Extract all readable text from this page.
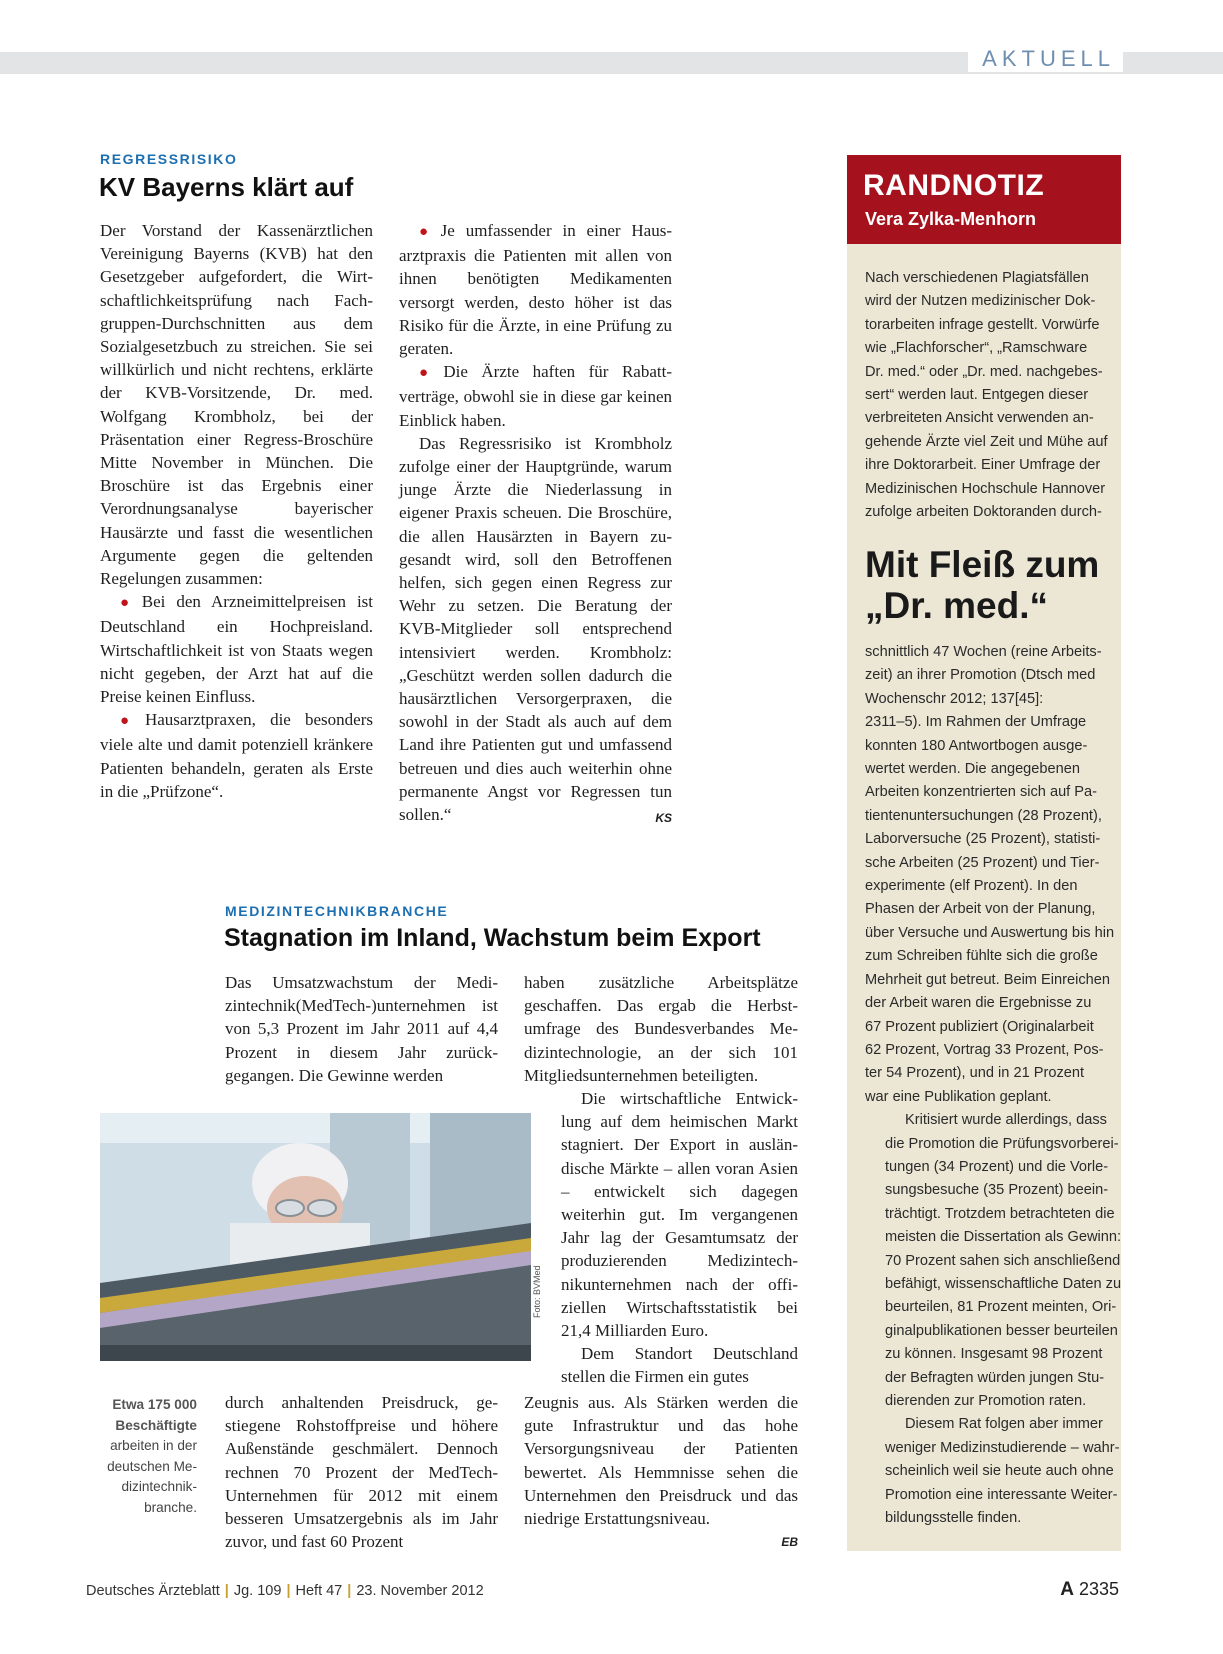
AKTUELL
REGRESSRISIKO
KV Bayerns klärt auf

Der Vorstand der Kassenärztlichen Vereinigung Bayerns (KVB) hat den Gesetzgeber aufgefordert, die Wirtschaftlichkeitsprüfung nach Fachgruppen-Durchschnitten aus dem Sozialgesetzbuch zu streichen. Sie sei willkürlich und nicht rechtens, erklärte der KVB-Vorsitzende, Dr. med. Wolfgang Krombholz, bei der Präsentation einer Regress-Broschüre Mitte November in München. Die Broschüre ist das Ergebnis einer Verordnungsanalyse bayerischer Hausärzte und fasst die wesentlichen Argumente gegen die geltenden Regelungen zusammen:

● Bei den Arzneimittelpreisen ist Deutschland ein Hochpreisland. Wirtschaftlichkeit ist von Staats wegen nicht gegeben, der Arzt hat auf die Preise keinen Einfluss.

● Hausarztpraxen, die besonders viele alte und damit potenziell kränkere Patienten behandeln, geraten als Erste in die „Prüfzone“.

● Je umfassender in einer Hausarztpraxis die Patienten mit allen von ihnen benötigten Medikamenten versorgt werden, desto höher ist das Risiko für die Ärzte, in eine Prüfung zu geraten.

● Die Ärzte haften für Rabattverträge, obwohl sie in diese gar keinen Einblick haben.

Das Regressrisiko ist Krombholz zufolge einer der Hauptgründe, warum junge Ärzte die Niederlassung in eigener Praxis scheuen. Die Broschüre, die allen Hausärzten in Bayern zugesandt wird, soll den Betroffenen helfen, sich gegen einen Regress zur Wehr zu setzen. Die Beratung der KVB-Mitglieder soll entsprechend intensiviert werden. Krombholz: „Geschützt werden sollen dadurch die hausärztlichen Versorgerpraxen, die sowohl in der Stadt als auch auf dem Land ihre Patienten gut und umfassend betreuen und dies auch weiterhin ohne permanente Angst vor Regressen tun sollen.“	KS

MEDIZINTECHNIKBRANCHE
Stagnation im Inland, Wachstum beim Export

Das Umsatzwachstum der Medizintechnik(MedTech-)unternehmen ist von 5,3 Prozent im Jahr 2011 auf 4,4 Prozent in diesem Jahr zurückgegangen. Die Gewinne werden

haben zusätzliche Arbeitsplätze geschaffen. Das ergab die Herbstumfrage des Bundesverbandes Medizintechnologie, an der sich 101 Mitgliedsunternehmen beteiligten.

Foto: BVMed
Etwa 175 000 Beschäftigte
arbeiten in der deutschen Medizintechnikbranche.

Die wirtschaftliche Entwicklung auf dem heimischen Markt stagniert. Der Export in ausländische Märkte – allen voran Asien – entwickelt sich dagegen weiterhin gut. Im vergangenen Jahr lag der Gesamtumsatz der produzierenden Medizintechnikunternehmen nach der offiziellen Wirtschaftsstatistik bei 21,4 Milliarden Euro.

Dem Standort Deutschland stellen die Firmen ein gutes

durch anhaltenden Preisdruck, gestiegene Rohstoffpreise und höhere Außenstände geschmälert. Dennoch rechnen 70 Prozent der MedTech-Unternehmen für 2012 mit einem besseren Umsatzergebnis als im Jahr zuvor, und fast 60 Prozent

Zeugnis aus. Als Stärken werden die gute Infrastruktur und das hohe Versorgungsniveau der Patienten bewertet. Als Hemmnisse sehen die Unternehmen den Preisdruck und das niedrige Erstattungsniveau.

EB
RANDNOTIZ
Vera Zylka-Menhorn

Nach verschiedenen Plagiatsfällen
wird der Nutzen medizinischer Dok-
torarbeiten infrage gestellt. Vorwürfe
wie „Flachforscher“, „Ramschware
Dr. med.“ oder „Dr. med. nachgebes-
sert“ werden laut. Entgegen dieser
verbreiteten Ansicht verwenden an-
gehende Ärzte viel Zeit und Mühe auf
ihre Doktorarbeit. Einer Umfrage der
Medizinischen Hochschule Hannover
zufolge arbeiten Doktoranden durch-

Mit Fleiß zum
„Dr. med.“

schnittlich 47 Wochen (reine Arbeits-
zeit) an ihrer Promotion (Dtsch med
Wochenschr 2012; 137[45]:
2311–5). Im Rahmen der Umfrage
konnten 180 Antwortbogen ausge-
wertet werden. Die angegebenen
Arbeiten konzentrierten sich auf Pa-
tientenuntersuchungen (28 Prozent),
Laborversuche (25 Prozent), statisti-
sche Arbeiten (25 Prozent) und Tier-
experimente (elf Prozent). In den
Phasen der Arbeit von der Planung,
über Versuche und Auswertung bis hin
zum Schreiben fühlte sich die große
Mehrheit gut betreut. Beim Einreichen
der Arbeit waren die Ergebnisse zu
67 Prozent publiziert (Originalarbeit
62 Prozent, Vortrag 33 Prozent, Pos-
ter 54 Prozent), und in 21 Prozent
war eine Publikation geplant.

Kritisiert wurde allerdings, dass
die Promotion die Prüfungsvorberei-
tungen (34 Prozent) und die Vorle-
sungsbesuche (35 Prozent) beein-
trächtigt. Trotzdem betrachteten die
meisten die Dissertation als Gewinn:
70 Prozent sahen sich anschließend
befähigt, wissenschaftliche Daten zu
beurteilen, 81 Prozent meinten, Ori-
ginalpublikationen besser beurteilen
zu können. Insgesamt 98 Prozent
der Befragten würden jungen Stu-
dierenden zur Promotion raten.

Diesem Rat folgen aber immer
weniger Medizinstudierende – wahr-
scheinlich weil sie heute auch ohne
Promotion eine interessante Weiter-
bildungsstelle finden.

Deutsches Ärzteblatt | Jg. 109 | Heft 47 | 23. November 2012	A 2335
